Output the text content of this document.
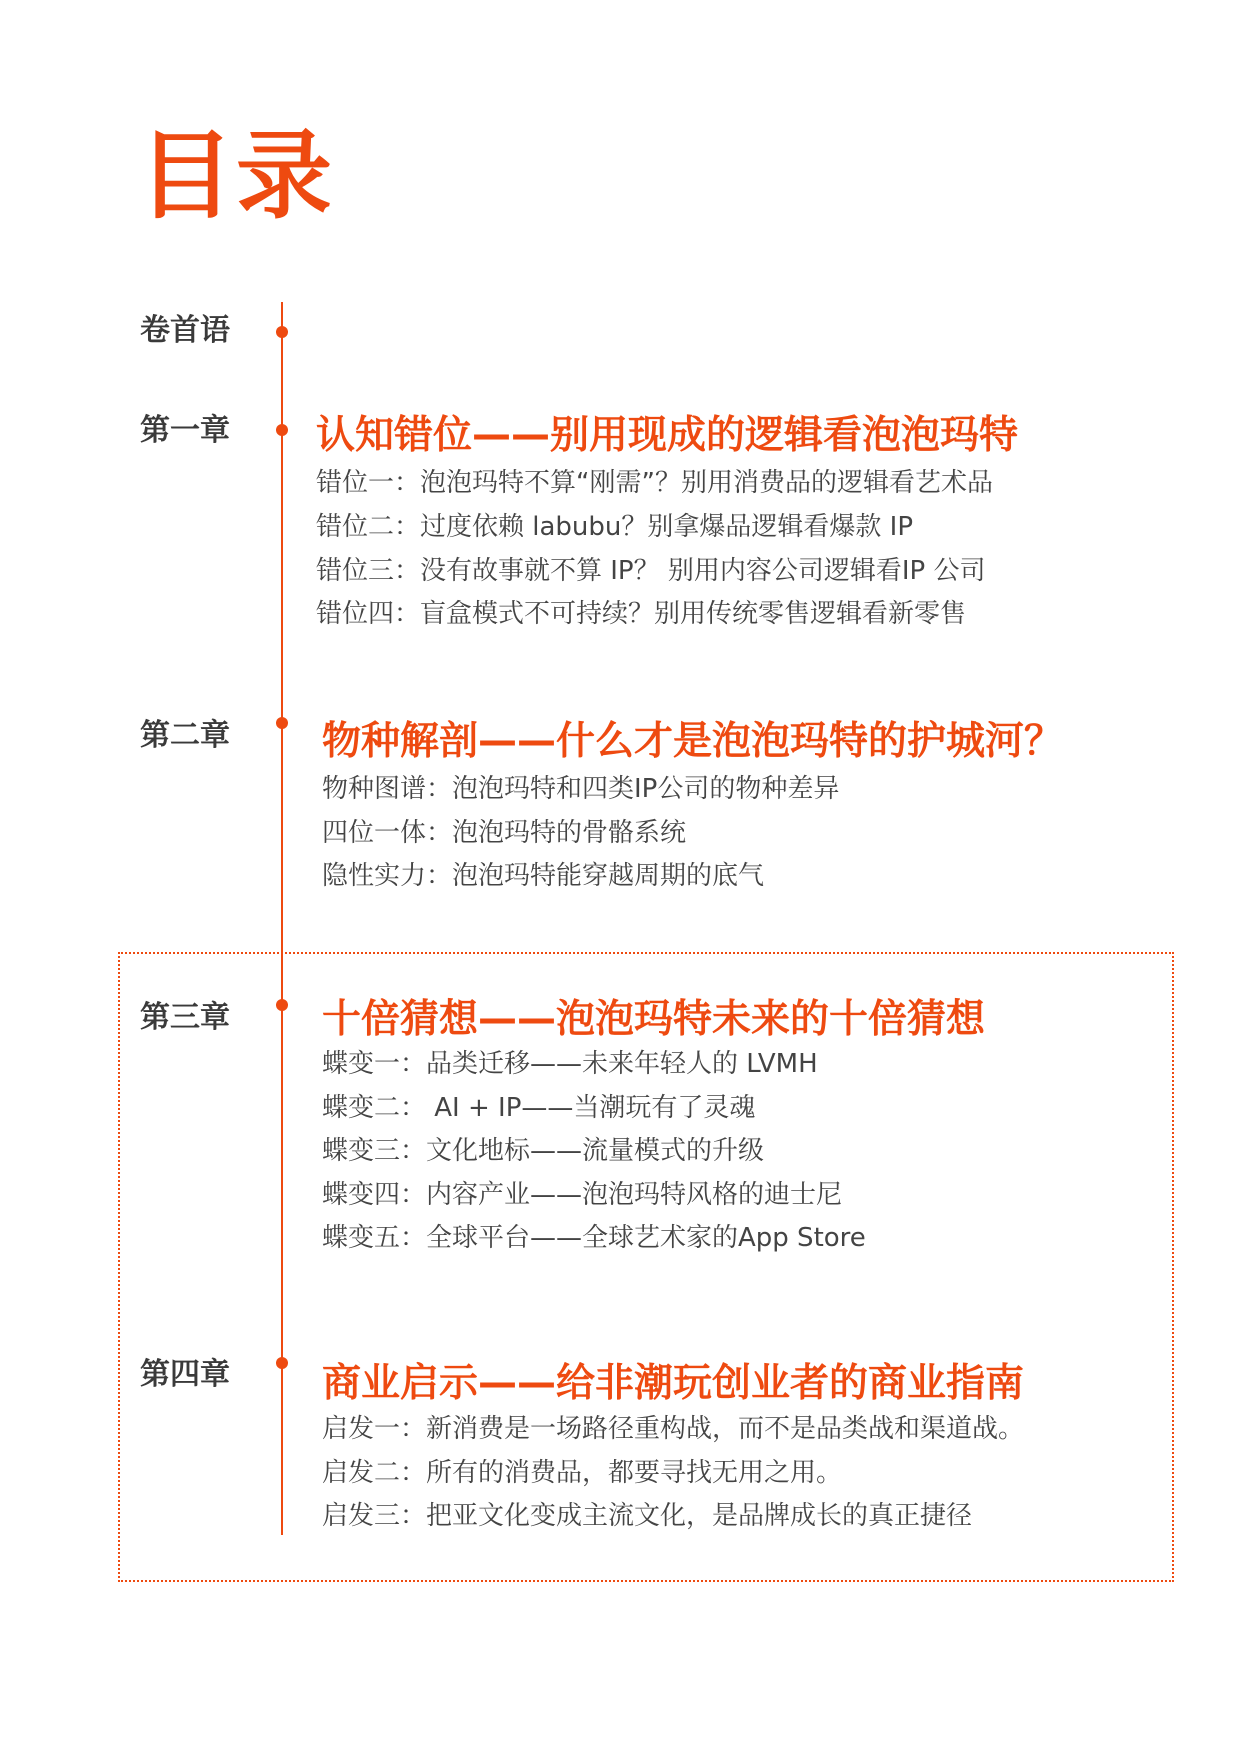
目录
卷首语
第一章 认知错位——别用现成的逻辑看泡泡玛特
错位一：泡泡玛特不算“刚需”？别用消费品的逻辑看艺术品
错位二：过度依赖 labubu？别拿爆品逻辑看爆款 IP
错位三：没有故事就不算 IP？ 别用内容公司逻辑看IP 公司
错位四：盲盒模式不可持续？别用传统零售逻辑看新零售
第二章 物种解剖——什么才是泡泡玛特的护城河？
物种图谱：泡泡玛特和四类IP公司的物种差异
四位一体：泡泡玛特的骨骼系统
隐性实力：泡泡玛特能穿越周期的底气
第三章 十倍猜想——泡泡玛特未来的十倍猜想
蝶变一：品类迁移——未来年轻人的 LVMH
蝶变二： AI + IP——当潮玩有了灵魂
蝶变三：文化地标——流量模式的升级
蝶变四：内容产业——泡泡玛特风格的迪士尼
蝶变五：全球平台——全球艺术家的App Store
第四章 商业启示——给非潮玩创业者的商业指南
启发一：新消费是一场路径重构战，而不是品类战和渠道战。
启发二：所有的消费品，都要寻找无用之用。
启发三：把亚文化变成主流文化，是品牌成长的真正捷径
